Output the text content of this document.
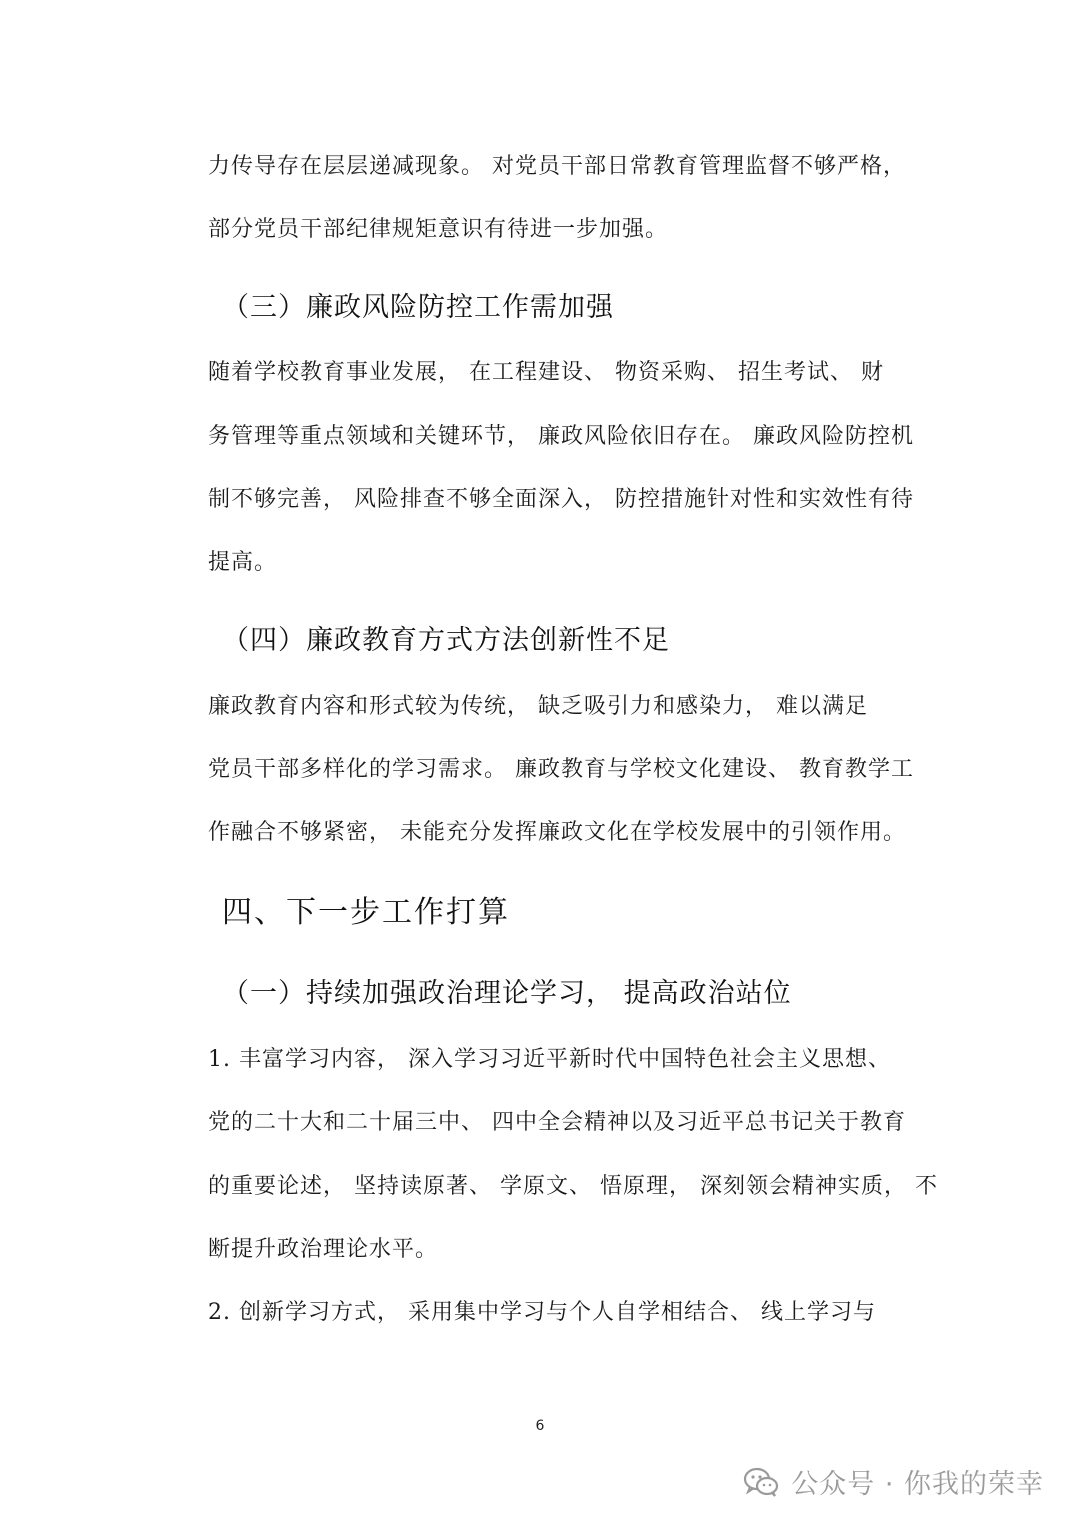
力传导存在层层递减现象。 对党员干部日常教育管理监督不够严格，
部分党员干部纪律规矩意识有待进一步加强。
（三）廉政风险防控工作需加强
随着学校教育事业发展， 在工程建设、 物资采购、 招生考试、 财
务管理等重点领域和关键环节， 廉政风险依旧存在。 廉政风险防控机
制不够完善， 风险排查不够全面深入， 防控措施针对性和实效性有待
提高。
（四）廉政教育方式方法创新性不足
廉政教育内容和形式较为传统， 缺乏吸引力和感染力， 难以满足
党员干部多样化的学习需求。 廉政教育与学校文化建设、 教育教学工
作融合不够紧密， 未能充分发挥廉政文化在学校发展中的引领作用。
四、下一步工作打算
（一）持续加强政治理论学习， 提高政治站位
1. 丰富学习内容， 深入学习习近平新时代中国特色社会主义思想、
党的二十大和二十届三中、 四中全会精神以及习近平总书记关于教育
的重要论述， 坚持读原著、 学原文、 悟原理， 深刻领会精神实质， 不
断提升政治理论水平。
2. 创新学习方式， 采用集中学习与个人自学相结合、 线上学习与
6
公众号 · 你我的荣幸
